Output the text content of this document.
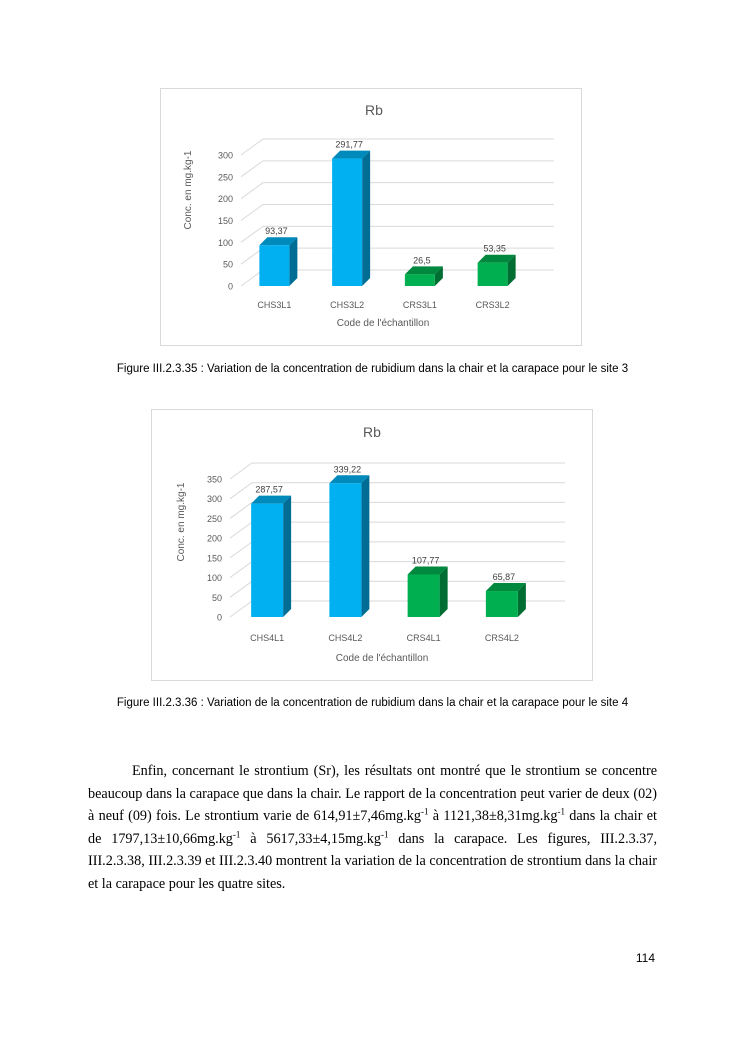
0
50
100
150
200
250
300
Rb
Conc. en mg.kg-1
Code de l'échantillon
93,37
CHS3L1
291,77
CHS3L2
26,5
CRS3L1
53,35
CRS3L2
Figure III.2.3.35 : Variation de la concentration de rubidium dans la chair et la carapace pour le site 3
0
50
100
150
200
250
300
350
Rb
Conc. en mg.kg-1
Code de l'échantillon
287,57
CHS4L1
339,22
CHS4L2
107,77
CRS4L1
65,87
CRS4L2
Figure III.2.3.36 : Variation de la concentration de rubidium dans la chair et la carapace pour le site 4

Enfin, concernant le strontium (Sr), les résultats ont montré que le strontium se concentre beaucoup dans la carapace que dans la chair. Le rapport de la concentration peut varier de deux (02) à neuf (09) fois. Le strontium varie de $614,91\pm 7,46mg.kg^{-1}$ à $1121,38\pm 8,31mg.kg^{-1}$ dans la chair et de $1797,13\pm 10,66mg.kg^{-1}$ à $5617,33\pm 4,15mg.kg^{-1}$ dans la carapace. Les figures, III.2.3.37, III.2.3.38, III.2.3.39 et III.2.3.40 montrent la variation de la concentration de strontium dans la chair et la carapace pour les quatre sites.

114
